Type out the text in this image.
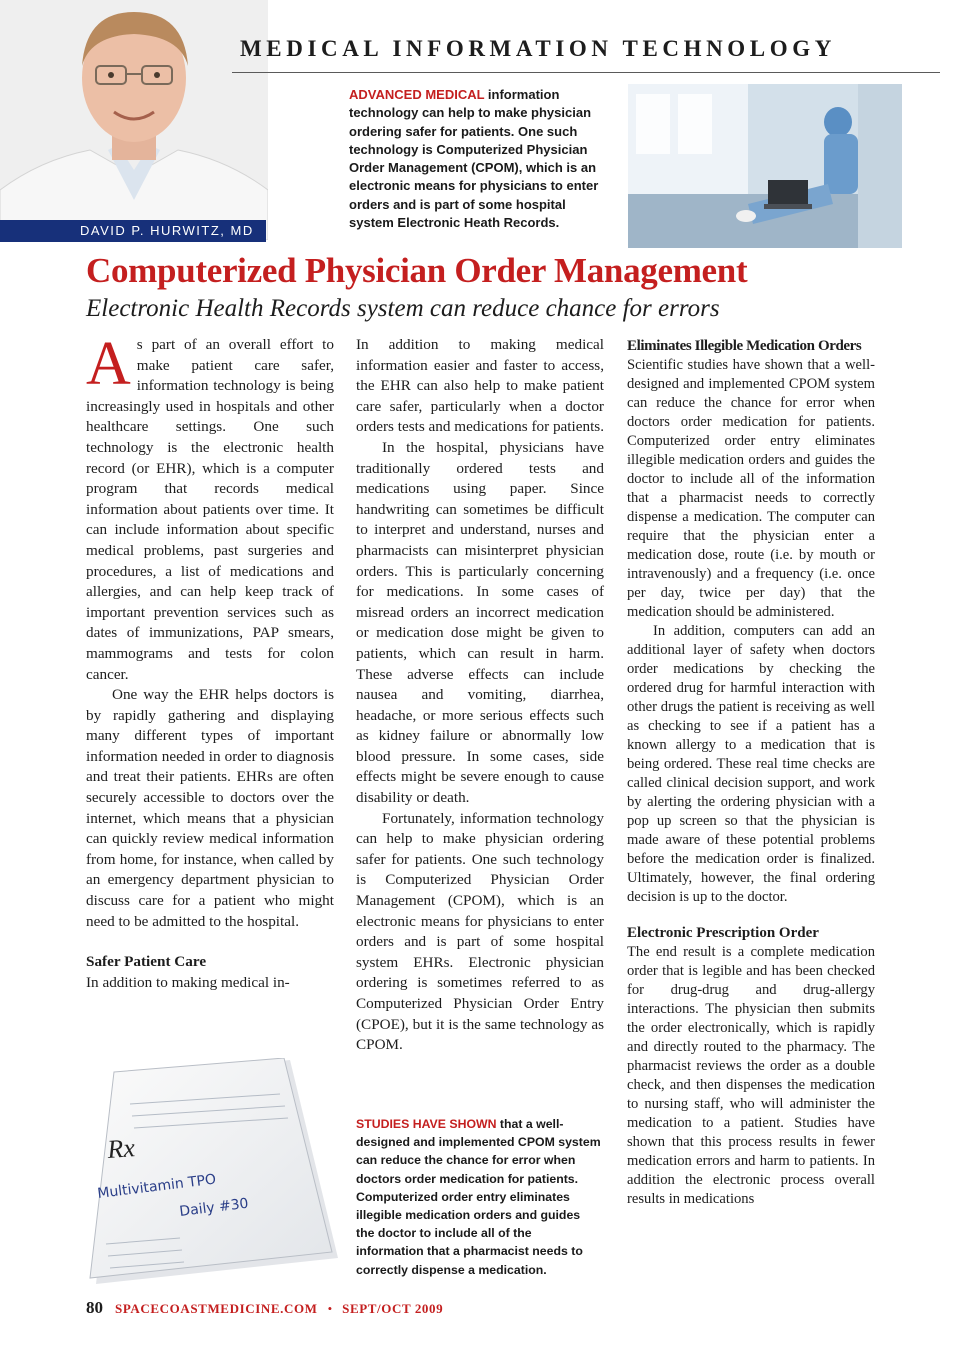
DAVID P. HURWITZ, MD
MEDICAL INFORMATION TECHNOLOGY
ADVANCED MEDICAL information technology can help to make physician ordering safer for patients. One such technology is Computerized Physician Order Management (CPOM), which is an electronic means for physicians to enter orders and is part of some hospital system Electronic Heath Records.
Computerized Physician Order Management
Electronic Health Records system can reduce chance for errors

As part of an overall effort to make patient care safer, information technology is being increasingly used in hospitals and other healthcare settings. One such technology is the electronic health record (or EHR), which is a computer program that records medical information about patients over time. It can include information about specific medical problems, past surgeries and procedures, a list of medications and allergies, and can help keep track of important prevention services such as dates of immunizations, PAP smears, mammograms and tests for colon cancer.

One way the EHR helps doctors is by rapidly gathering and displaying many different types of important information needed in order to diagnosis and treat their patients. EHRs are often securely accessible to doctors over the internet, which means that a physician can quickly review medical information from home, for instance, when called by an emergency department physician to discuss care for a patient who might need to be admitted to the hospital.

Safer Patient Care

In addition to making medical in-

Rx
Multivitamin TPO
Daily #30

In addition to making medical information easier and faster to access, the EHR can also help to make patient care safer, particularly when a doctor orders tests and medications for patients.

In the hospital, physicians have traditionally ordered tests and medications using paper. Since handwriting can sometimes be difficult to interpret and understand, nurses and pharmacists can misinterpret physician orders. This is particularly concerning for medications. In some cases of misread orders an incorrect medication or medication dose might be given to patients, which can result in harm. These adverse effects can include nausea and vomiting, diarrhea, headache, or more serious effects such as kidney failure or abnormally low blood pressure. In some cases, side effects might be severe enough to cause disability or death.

Fortunately, information technology can help to make physician ordering safer for patients. One such technology is Computerized Physician Order Management (CPOM), which is an electronic means for physicians to enter orders and is part of some hospital system EHRs. Electronic physician ordering is sometimes referred to as Computerized Physician Order Entry (CPOE), but it is the same technology as CPOM.

STUDIES HAVE SHOWN that a well-designed and implemented CPOM system can reduce the chance for error when doctors order medication for patients. Computerized order entry eliminates illegible medication orders and guides the doctor to include all of the information that a pharmacist needs to correctly dispense a medication.

Eliminates Illegible Medication Orders

Scientific studies have shown that a well-designed and implemented CPOM system can reduce the chance for error when doctors order medication for patients. Computerized order entry eliminates illegible medication orders and guides the doctor to include all of the information that a pharmacist needs to correctly dispense a medication. The computer can require that the physician enter a medication dose, route (i.e. by mouth or intravenously) and a frequency (i.e. once per day, twice per day) that the medication should be administered.

In addition, computers can add an additional layer of safety when doctors order medications by checking the ordered drug for harmful interaction with other drugs the patient is receiving as well as checking to see if a patient has a known allergy to a medication that is being ordered. These real time checks are called clinical decision support, and work by alerting the ordering physician with a pop up screen so that the physician is made aware of these potential problems before the medication order is finalized. Ultimately, however, the final ordering decision is up to the doctor.

Electronic Prescription Order

The end result is a complete medication order that is legible and has been checked for drug-drug and drug-allergy interactions. The physician then submits the order electronically, which is rapidly and directly routed to the pharmacy. The pharmacist reviews the order as a double check, and then dispenses the medication to nursing staff, who will administer the medication to a patient. Studies have shown that this process results in fewer medication errors and harm to patients. In addition the electronic process overall results in medications

80 SPACECOASTMEDICINE.COM • SEPT/OCT 2009
